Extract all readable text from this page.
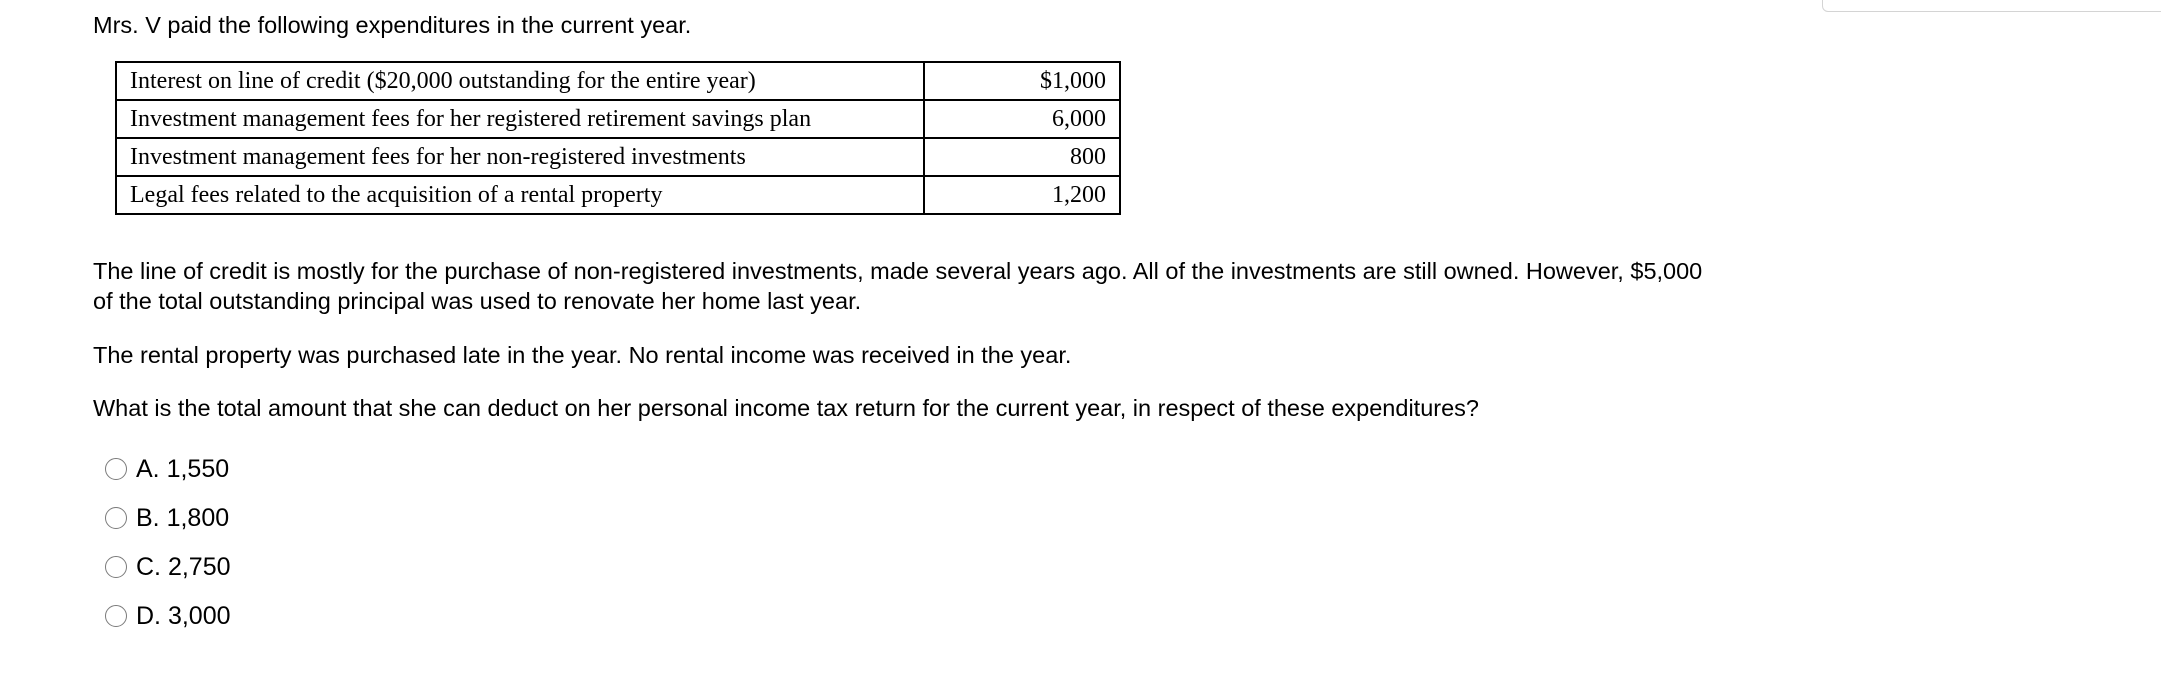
Mrs. V paid the following expenditures in the current year.

Interest on line of credit ($20,000 outstanding for the entire year)	$1,000
Investment management fees for her registered retirement savings plan	6,000
Investment management fees for her non-registered investments	800
Legal fees related to the acquisition of a rental property	1,200

The line of credit is mostly for the purchase of non-registered investments, made several years ago. All of the investments are still owned. However, $5,000 of the total outstanding principal was used to renovate her home last year.

The rental property was purchased late in the year. No rental income was received in the year.

What is the total amount that she can deduct on her personal income tax return for the current year, in respect of these expenditures?

A. 1,550
B. 1,800
C. 2,750
D. 3,000
